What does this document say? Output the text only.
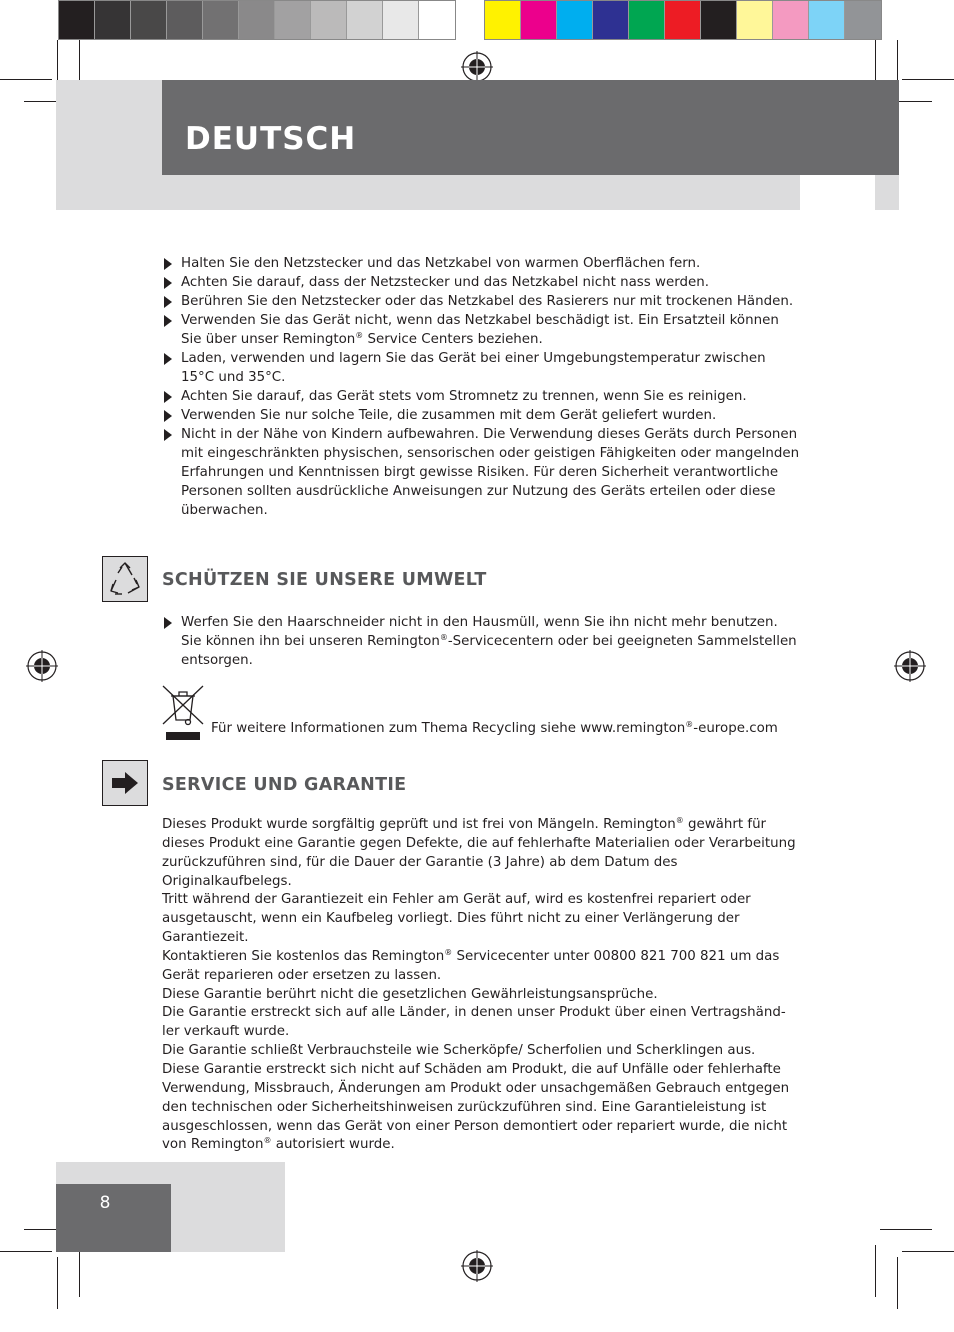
DEUTSCH
Halten Sie den Netzstecker und das Netzkabel von warmen Oberflächen fern.
Achten Sie darauf, dass der Netzstecker und das Netzkabel nicht nass werden.
Berühren Sie den Netzstecker oder das Netzkabel des Rasierers nur mit trockenen Händen.
Verwenden Sie das Gerät nicht, wenn das Netzkabel beschädigt ist. Ein Ersatzteil können Sie über unser Remington® Service Centers beziehen.
Laden, verwenden und lagern Sie das Gerät bei einer Umgebungstemperatur zwischen 15°C und 35°C.
Achten Sie darauf, das Gerät stets vom Stromnetz zu trennen, wenn Sie es reinigen.
Verwenden Sie nur solche Teile, die zusammen mit dem Gerät geliefert wurden.
Nicht in der Nähe von Kindern aufbewahren. Die Verwendung dieses Geräts durch Personen mit eingeschränkten physischen, sensorischen oder geistigen Fähigkeiten oder mangelnden Erfahrungen und Kenntnissen birgt gewisse Risiken. Für deren Sicherheit verantwortliche Personen sollten ausdrückliche Anweisungen zur Nutzung des Geräts erteilen oder diese überwachen.
SCHÜTZEN SIE UNSERE UMWELT
Werfen Sie den Haarschneider nicht in den Hausmüll, wenn Sie ihn nicht mehr benutzen. Sie können ihn bei unseren Remington®-Servicecentern oder bei geeigneten Sammelstellen entsorgen.

Für weitere Informationen zum Thema Recycling siehe www.remington®-europe.com

SERVICE UND GARANTIE

Dieses Produkt wurde sorgfältig geprüft und ist frei von Mängeln. Remington® gewährt für dieses Produkt eine Garantie gegen Defekte, die auf fehlerhafte Materialien oder Verarbeitung zurückzuführen sind, für die Dauer der Garantie (3 Jahre) ab dem Datum des Originalkaufbelegs.

Tritt während der Garantiezeit ein Fehler am Gerät auf, wird es kostenfrei repariert oder ausgetauscht, wenn ein Kaufbeleg vorliegt. Dies führt nicht zu einer Verlängerung der Garantiezeit.

Kontaktieren Sie kostenlos das Remington® Servicecenter unter 00800 821 700 821 um das Gerät reparieren oder ersetzen zu lassen.

Diese Garantie berührt nicht die gesetzlichen Gewährleistungsansprüche.

Die Garantie erstreckt sich auf alle Länder, in denen unser Produkt über einen Vertragshänd-ler verkauft wurde.

Die Garantie schließt Verbrauchsteile wie Scherköpfe/ Scherfolien und Scherklingen aus.

Diese Garantie erstreckt sich nicht auf Schäden am Produkt, die auf Unfälle oder fehlerhafte Verwendung, Missbrauch, Änderungen am Produkt oder unsachgemäßen Gebrauch entgegen den technischen oder Sicherheitshinweisen zurückzuführen sind. Eine Garantieleistung ist ausgeschlossen, wenn das Gerät von einer Person demontiert oder repariert wurde, die nicht von Remington® autorisiert wurde.

8
